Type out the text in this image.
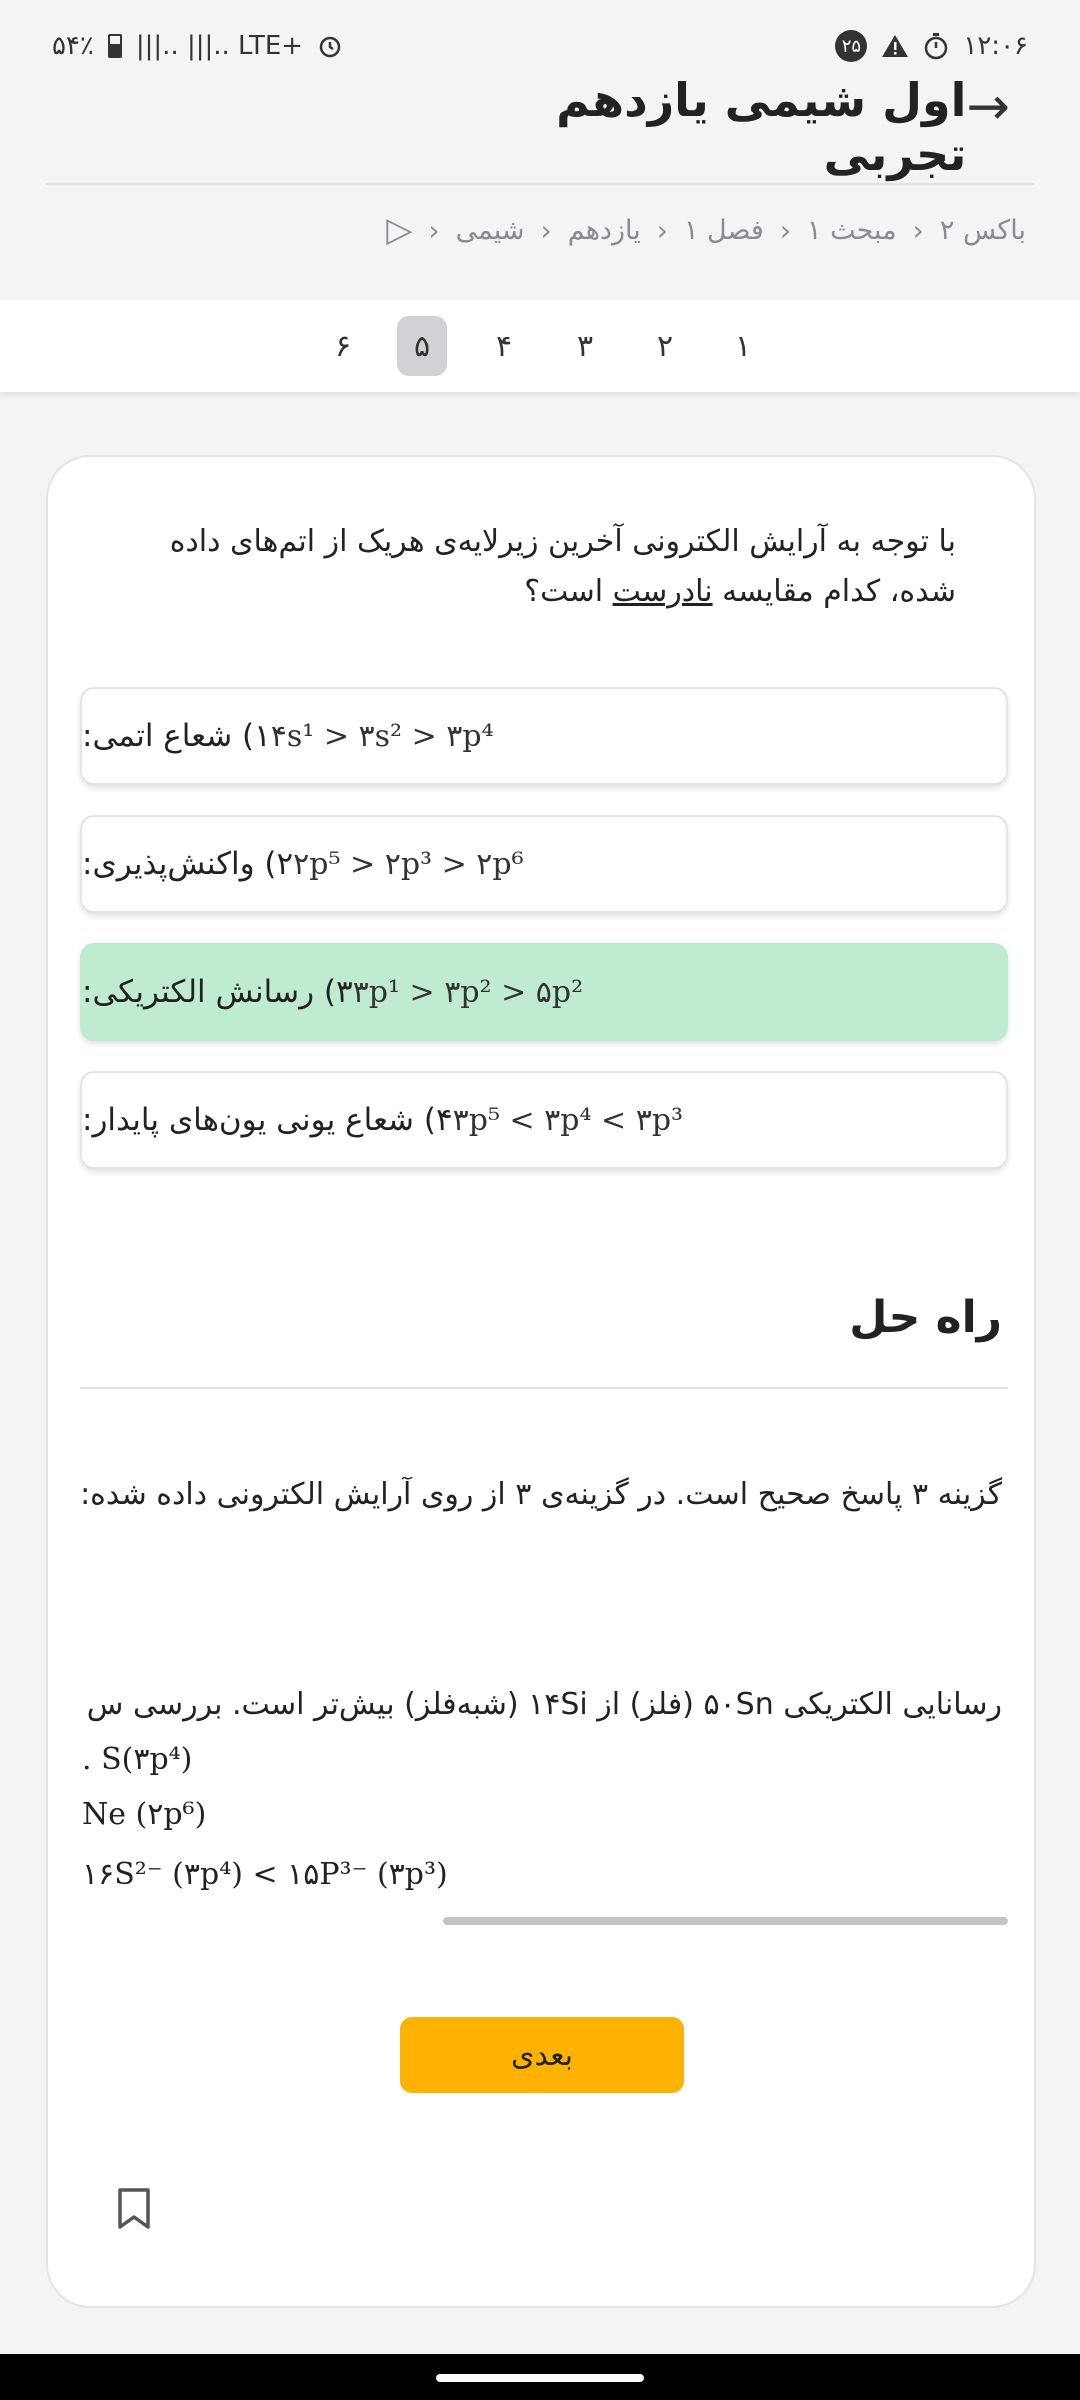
۵۴٪ |||.. |||.. LTE+	۲۵	۱۲:۰۶
اول شیمی یازدهم تجربی
→
▷ ‹ شیمی ‹ یازدهم ‹ فصل ۱ ‹ مبحث ۱ ‹ باکس ۲
۱
۲
۳
۴
۵
۶
با توجه به آرایش الکترونی آخرین زیرلایه‌ی هریک از اتم‌های داده شده، کدام مقایسه نادرست است؟
۱) شعاع اتمی: ۴s¹ > ۳s² > ۳p⁴
۲) واکنش‌پذیری: ۲p⁵ > ۲p³ > ۲p⁶
۳) رسانش الکتریکی: ۳p¹ > ۳p² > ۵p²
۴) شعاع یونی یون‌های پایدار: ۳p⁵ < ۳p⁴ < ۳p³
راه حل
گزینه ۳ پاسخ صحیح است. در گزینه‌ی ۳ از روی آرایش الکترونی داده شده:
رسانایی الکتریکی ۵۰Sn (فلز) از ۱۴Si (شبه‌فلز) بیش‌تر است. بررسی س
. S(۳p⁴)
Ne (۲p⁶)
۱۶S²⁻ (۳p⁴) < ۱۵P³⁻ (۳p³)
بعدی
